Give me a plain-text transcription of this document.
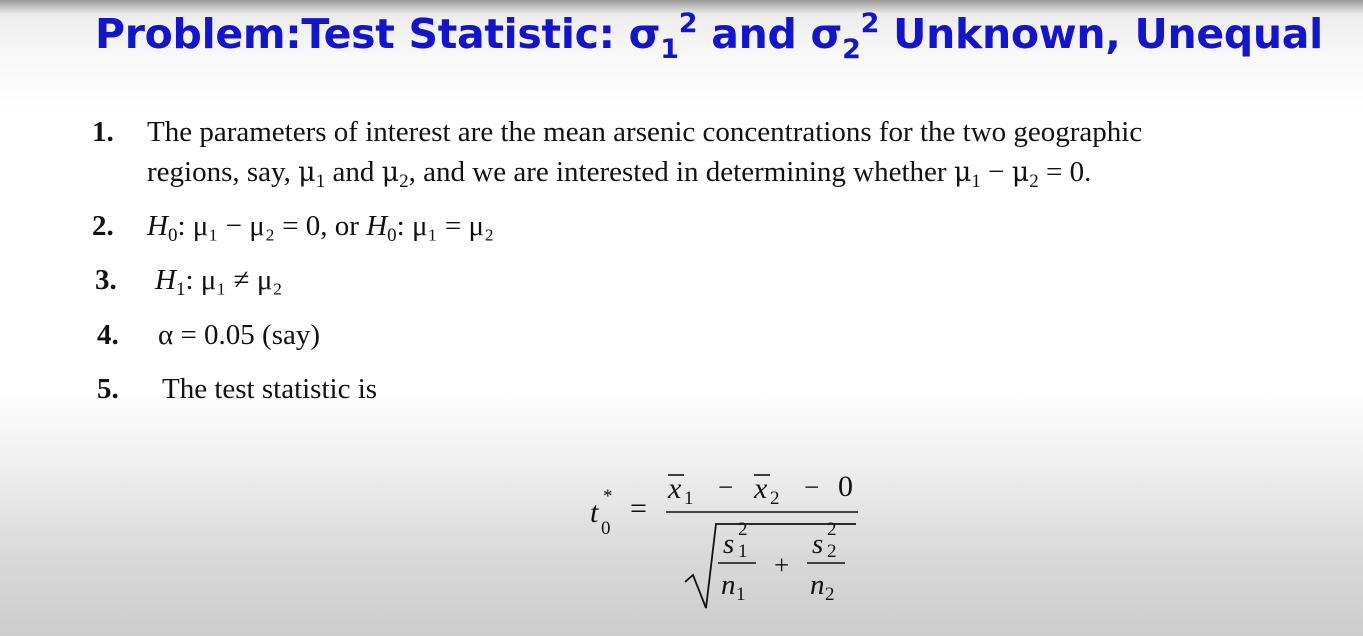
Problem:Test Statistic: $\sigma_1^2$ and $\sigma_2^2$ Unknown, Unequal
1. The parameters of interest are the mean arsenic concentrations for the two geographic
regions, say, $\mu_1$ and $\mu_2$, and we are interested in determining whether $\mu_1 - \mu_2 = 0$.
2. $H_0$: μ₁ − μ₂ = 0, or $H_0$: μ₁ = μ₂
3. $H_1$: μ₁ ≠ μ₂
4. α = 0.05 (say)
5. The test statistic is
t 0
* =
x 1 − x 2 − 0
s 2
1
n 1
+
s 2
2
n 2
